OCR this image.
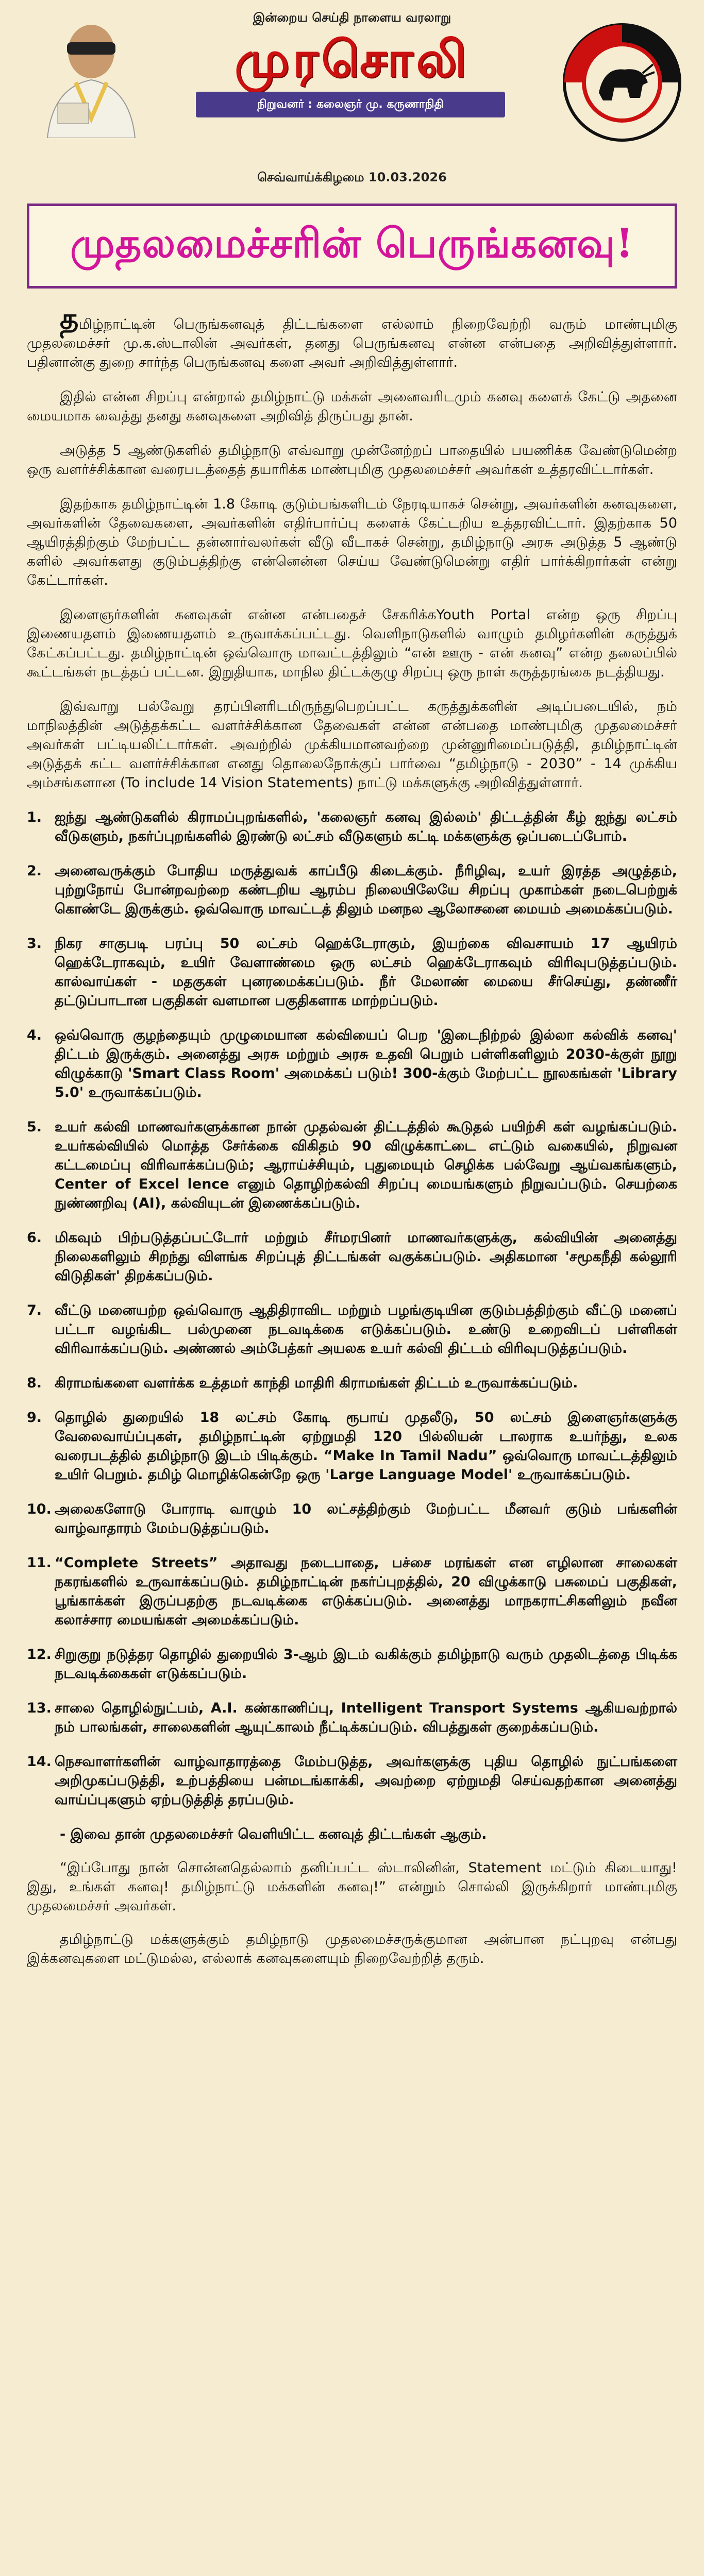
இன்றைய செய்தி நாளைய வரலாறு
முரசொலி
நிறுவனர் : கலைஞர் மு. கருணாநிதி
செவ்வாய்க்கிழமை 10.03.2026
முதலமைச்சரின் பெருங்கனவு!

தமிழ்நாட்டின் பெருங்கனவுத் திட்டங்களை எல்லாம் நிறைவேற்றி வரும் மாண்புமிகு முதலமைச்சர் மு.க.ஸ்டாலின் அவர்கள், தனது பெருங்கனவு என்ன என்பதை அறிவித்துள்ளார். பதினான்கு துறை சார்ந்த பெருங்கனவு களை அவர் அறிவித்துள்ளார்.

இதில் என்ன சிறப்பு என்றால் தமிழ்நாட்டு மக்கள் அனைவரிடமும் கனவு களைக் கேட்டு அதனை மையமாக வைத்து தனது கனவுகளை அறிவித் திருப்பது தான்.

அடுத்த 5 ஆண்டுகளில் தமிழ்நாடு எவ்வாறு முன்னேற்றப் பாதையில் பயணிக்க வேண்டுமென்ற ஒரு வளர்ச்சிக்கான வரைபடத்தைத் தயாரிக்க மாண்புமிகு முதலமைச்சர் அவர்கள் உத்தரவிட்டார்கள்.

இதற்காக தமிழ்நாட்டின் 1.8 கோடி குடும்பங்களிடம் நேரடியாகச் சென்று, அவர்களின் கனவுகளை, அவர்களின் தேவைகளை, அவர்களின் எதிர்பார்ப்பு களைக் கேட்டறிய உத்தரவிட்டார். இதற்காக 50 ஆயிரத்திற்கும் மேற்பட்ட தன்னார்வலர்கள் வீடு வீடாகச் சென்று, தமிழ்நாடு அரசு அடுத்த 5 ஆண்டு களில் அவர்களது குடும்பத்திற்கு என்னென்ன செய்ய வேண்டுமென்று எதிர் பார்க்கிறார்கள் என்று கேட்டார்கள்.

இளைஞர்களின் கனவுகள் என்ன என்பதைச் சேகரிக்கYouth Portal என்ற ஒரு சிறப்பு இணையதளம் இணையதளம் உருவாக்கப்பட்டது. வெளிநாடுகளில் வாழும் தமிழர்களின் கருத்துக் கேட்கப்பட்டது. தமிழ்நாட்டின் ஒவ்வொரு மாவட்டத்திலும் “என் ஊரு - என் கனவு” என்ற தலைப்பில் கூட்டங்கள் நடத்தப் பட்டன. இறுதியாக, மாநில திட்டக்குழு சிறப்பு ஒரு நாள் கருத்தரங்கை நடத்தியது.

இவ்வாறு பல்வேறு தரப்பினரிடமிருந்துபெறப்பட்ட கருத்துக்களின் அடிப்படையில், நம் மாநிலத்தின் அடுத்தக்கட்ட வளர்ச்சிக்கான தேவைகள் என்ன என்பதை மாண்புமிகு முதலமைச்சர் அவர்கள் பட்டியலிட்டார்கள். அவற்றில் முக்கியமானவற்றை முன்னுரிமைப்படுத்தி, தமிழ்நாட்டின் அடுத்தக் கட்ட வளர்ச்சிக்கான எனது தொலைநோக்குப் பார்வை “தமிழ்நாடு - 2030” - 14 முக்கிய அம்சங்களான (To include 14 Vision Statements) நாட்டு மக்களுக்கு அறிவித்துள்ளார்.

1. ஐந்து ஆண்டுகளில் கிராமப்புறங்களில், 'கலைஞர் கனவு இல்லம்' திட்டத்தின் கீழ் ஐந்து லட்சம் வீடுகளும், நகர்ப்புறங்களில் இரண்டு லட்சம் வீடுகளும் கட்டி மக்களுக்கு ஒப்படைப்போம்.
2. அனைவருக்கும் போதிய மருத்துவக் காப்பீடு கிடைக்கும். நீரிழிவு, உயர் இரத்த அழுத்தம், புற்றுநோய் போன்றவற்றை கண்டறிய ஆரம்ப நிலையிலேயே சிறப்பு முகாம்கள் நடைபெற்றுக் கொண்டே இருக்கும். ஒவ்வொரு மாவட்டத் திலும் மனநல ஆலோசனை மையம் அமைக்கப்படும்.
3. நிகர சாகுபடி பரப்பு 50 லட்சம் ஹெக்டேராகும், இயற்கை விவசாயம் 17 ஆயிரம் ஹெக்டேராகவும், உயிர் வேளாண்மை ஒரு லட்சம் ஹெக்டேராகவும் விரிவுபடுத்தப்படும். கால்வாய்கள் - மதகுகள் புனரமைக்கப்படும். நீர் மேலாண் மையை சீர்செய்து, தண்ணீர் தட்டுப்பாடான பகுதிகள் வளமான பகுதிகளாக மாற்றப்படும்.
4. ஒவ்வொரு குழந்தையும் முழுமையான கல்வியைப் பெற 'இடைநிற்றல் இல்லா கல்விக் கனவு' திட்டம் இருக்கும். அனைத்து அரசு மற்றும் அரசு உதவி பெறும் பள்ளிகளிலும் 2030-க்குள் நூறு விழுக்காடு 'Smart Class Room' அமைக்கப் படும்! 300-க்கும் மேற்பட்ட நூலகங்கள் 'Library 5.0' உருவாக்கப்படும்.
5. உயர் கல்வி மாணவர்களுக்கான நான் முதல்வன் திட்டத்தில் கூடுதல் பயிற்சி கள் வழங்கப்படும். உயர்கல்வியில் மொத்த சேர்க்கை விகிதம் 90 விழுக்காட்டை எட்டும் வகையில், நிறுவன கட்டமைப்பு விரிவாக்கப்படும்; ஆராய்ச்சியும், புதுமையும் செழிக்க பல்வேறு ஆய்வகங்களும், Center of Excel lence எனும் தொழிற்கல்வி சிறப்பு மையங்களும் நிறுவப்படும். செயற்கை நுண்ணறிவு (AI), கல்வியுடன் இணைக்கப்படும்.
6. மிகவும் பிற்படுத்தப்பட்டோர் மற்றும் சீர்மரபினர் மாணவர்களுக்கு, கல்வியின் அனைத்து நிலைகளிலும் சிறந்து விளங்க சிறப்புத் திட்டங்கள் வகுக்கப்படும். அதிகமான 'சமூகநீதி கல்லூரி விடுதிகள்' திறக்கப்படும்.
7. வீட்டு மனையற்ற ஒவ்வொரு ஆதிதிராவிட மற்றும் பழங்குடியின குடும்பத்திற்கும் வீட்டு மனைப் பட்டா வழங்கிட பல்முனை நடவடிக்கை எடுக்கப்படும். உண்டு உறைவிடப் பள்ளிகள் விரிவாக்கப்படும். அண்ணல் அம்பேத்கர் அயலக உயர் கல்வி திட்டம் விரிவுபடுத்தப்படும்.
8. கிராமங்களை வளர்க்க உத்தமர் காந்தி மாதிரி கிராமங்கள் திட்டம் உருவாக்கப்படும்.
9. தொழில் துறையில் 18 லட்சம் கோடி ரூபாய் முதலீடு, 50 லட்சம் இளைஞர்களுக்கு வேலைவாய்ப்புகள், தமிழ்நாட்டின் ஏற்றுமதி 120 பில்லியன் டாலராக உயர்ந்து, உலக வரைபடத்தில் தமிழ்நாடு இடம் பிடிக்கும். “Make In Tamil Nadu” ஒவ்வொரு மாவட்டத்திலும் உயிர் பெறும். தமிழ் மொழிக்கென்றே ஒரு 'Large Language Model' உருவாக்கப்படும்.
10. அலைகளோடு போராடி வாழும் 10 லட்சத்திற்கும் மேற்பட்ட மீனவர் குடும் பங்களின் வாழ்வாதாரம் மேம்படுத்தப்படும்.
11. “Complete Streets” அதாவது நடைபாதை, பச்சை மரங்கள் என எழிலான சாலைகள் நகரங்களில் உருவாக்கப்படும். தமிழ்நாட்டின் நகர்ப்புறத்தில், 20 விழுக்காடு பசுமைப் பகுதிகள், பூங்காக்கள் இருப்பதற்கு நடவடிக்கை எடுக்கப்படும். அனைத்து மாநகராட்சிகளிலும் நவீன கலாச்சார மையங்கள் அமைக்கப்படும்.
12. சிறுகுறு நடுத்தர தொழில் துறையில் 3-ஆம் இடம் வகிக்கும் தமிழ்நாடு வரும் முதலிடத்தை பிடிக்க நடவடிக்கைகள் எடுக்கப்படும்.
13. சாலை தொழில்நுட்பம், A.I. கண்காணிப்பு, Intelligent Transport Systems ஆகியவற்றால் நம் பாலங்கள், சாலைகளின் ஆயுட்காலம் நீட்டிக்கப்படும். விபத்துகள் குறைக்கப்படும்.
14. நெசவாளர்களின் வாழ்வாதாரத்தை மேம்படுத்த, அவர்களுக்கு புதிய தொழில் நுட்பங்களை அறிமுகப்படுத்தி, உற்பத்தியை பன்மடங்காக்கி, அவற்றை ஏற்றுமதி செய்வதற்கான அனைத்து வாய்ப்புகளும் ஏற்படுத்தித் தரப்படும்.

- இவை தான் முதலமைச்சர் வெளியிட்ட கனவுத் திட்டங்கள் ஆகும்.

“இப்போது நான் சொன்னதெல்லாம் தனிப்பட்ட ஸ்டாலினின், Statement மட்டும் கிடையாது! இது, உங்கள் கனவு! தமிழ்நாட்டு மக்களின் கனவு!” என்றும் சொல்லி இருக்கிறார் மாண்புமிகு முதலமைச்சர் அவர்கள்.

தமிழ்நாட்டு மக்களுக்கும் தமிழ்நாடு முதலமைச்சருக்குமான அன்பான நட்புறவு என்பது இக்கனவுகளை மட்டுமல்ல, எல்லாக் கனவுகளையும் நிறைவேற்றித் தரும்.
